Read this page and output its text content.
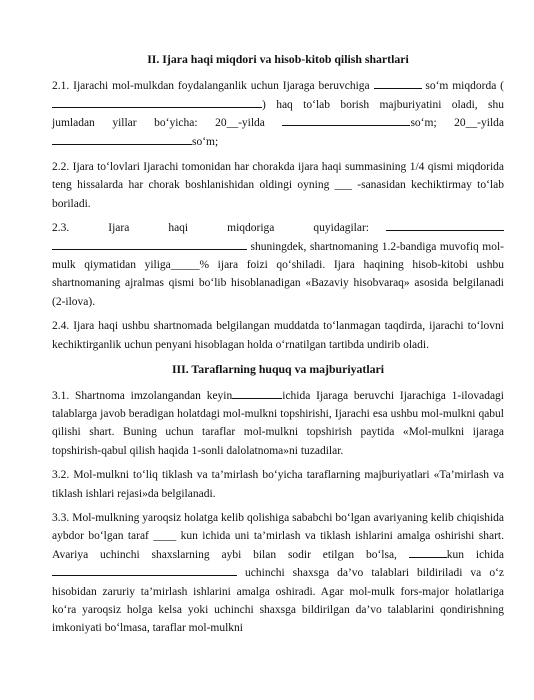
II. Ijara haqi miqdori va hisob-kitob qilish shartlari

2.1. Ijarachi mol-mulkdan foydalanganlik uchun Ijaraga beruvchiga	so‘m miqdorda () haq to‘lab borish majburiyatini oladi, shu jumladan yillar bo‘yicha: 20__-yilda	so‘m; 20__-yilda so‘m;

2.2. Ijara to‘lovlari Ijarachi tomonidan har chorakda ijara haqi summasining 1/4 qismi miqdorida teng hissalarda har chorak boshlanishidan oldingi oyning ___ -sanasidan kechiktirmay to‘lab boriladi.

2.3. Ijara haqi miqdoriga quyidagilar:   shuningdek, shartnomaning 1.2-bandiga muvofiq mol-mulk qiymatidan yiliga_____% ijara foizi qo‘shiladi. Ijara haqining hisob-kitobi ushbu shartnomaning ajralmas qismi bo‘lib hisoblanadigan «Bazaviy hisobvaraq» asosida belgilanadi (2-ilova).

2.4. Ijara haqi ushbu shartnomada belgilangan muddatda to‘lanmagan taqdirda, ijarachi to‘lovni kechiktirganlik uchun penyani hisoblagan holda o‘rnatilgan tartibda undirib oladi.

III. Taraflarning huquq va majburiyatlari

3.1. Shartnoma imzolangandan keyin	ichida Ijaraga beruvchi Ijarachiga 1-ilovadagi talablarga javob beradigan holatdagi mol-mulkni topshirishi, Ijarachi esa ushbu mol-mulkni qabul qilishi shart. Buning uchun taraflar mol-mulkni topshirish paytida «Mol-mulkni ijaraga topshirish-qabul qilish haqida 1-sonli dalolatnoma»ni tuzadilar.

3.2. Mol-mulkni to‘liq tiklash va ta’mirlash bo‘yicha taraflarning majburiyatlari «Ta’mirlash va tiklash ishlari rejasi»da belgilanadi.

3.3. Mol-mulkning yaroqsiz holatga kelib qolishiga sababchi bo‘lgan avariyaning kelib chiqishida aybdor bo‘lgan taraf ____ kun ichida uni ta’mirlash va tiklash ishlarini amalga oshirishi shart. Avariya uchinchi shaxslarning aybi bilan sodir etilgan bo‘lsa,	kun ichida  uchinchi shaxsga da’vo talablari bildiriladi va o‘z hisobidan zaruriy ta’mirlash ishlarini amalga oshiradi. Agar mol-mulk fors-major holatlariga ko‘ra yaroqsiz holga kelsa yoki uchinchi shaxsga bildirilgan da’vo talablarini qondirishning imkoniyati bo‘lmasa, taraflar mol-mulkni
